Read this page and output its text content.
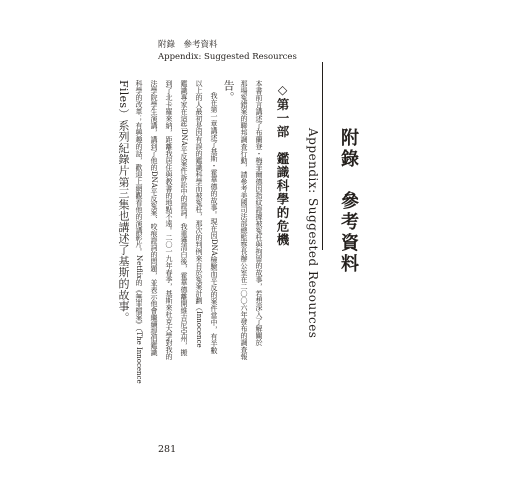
附錄　參考資料
Appendix: Suggested Resources
附錄　參考資料
Appendix: Suggested Resources
◇第一部　鑑識科學的危機
本書前言講述了布蘭登・梅菲爾德因指紋證據被冤枉與拘留的故事，若想深入了解關於
那場冤錯案的聯邦調查行動，請參考美國司法部總監察長辦公室在二〇〇六年發布的調查報
告。
我在第一章講述了基斯・霍華德的故事。現在因DNA檢驗而平反的案件當中，有半數
以上的人最初是因有誤的鑑識科學而被冤枉，那次的判例來自於冤案計劃（Innocence
鑑識專家在這些DNA平反案件訴訟中的證詞。我重獲清白後，霍華德離開維吉尼亞州，搬
到了北卡羅來納，距離我居住與教書的地點不遠。二〇一九年春季，基斯來杜克大學對我的
法學院學生演講，講到了他的DNA平反冤案、咬痕證詞的問題，並表示他會繼續提倡鑑識
科學的改革；有興趣的話，歡迎上網觀看他的演講影片。Netflix的《無罪檔案》（The Innocence
Files）系列紀錄片第三集也講述了基斯的故事。
281
